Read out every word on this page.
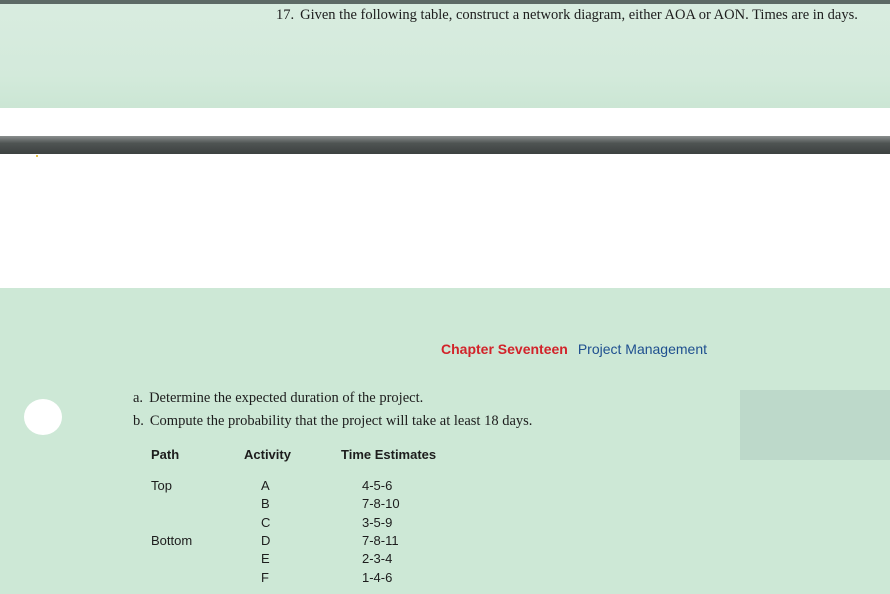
17. Given the following table, construct a network diagram, either AOA or AON. Times are in days.
Chapter Seventeen Project Management
a. Determine the expected duration of the project.
b. Compute the probability that the project will take at least 18 days.
Path	Activity	Time Estimates
Top
Bottom
A
B
C
D
E
F
4-5-6
7-8-10
3-5-9
7-8-11
2-3-4
1-4-6
